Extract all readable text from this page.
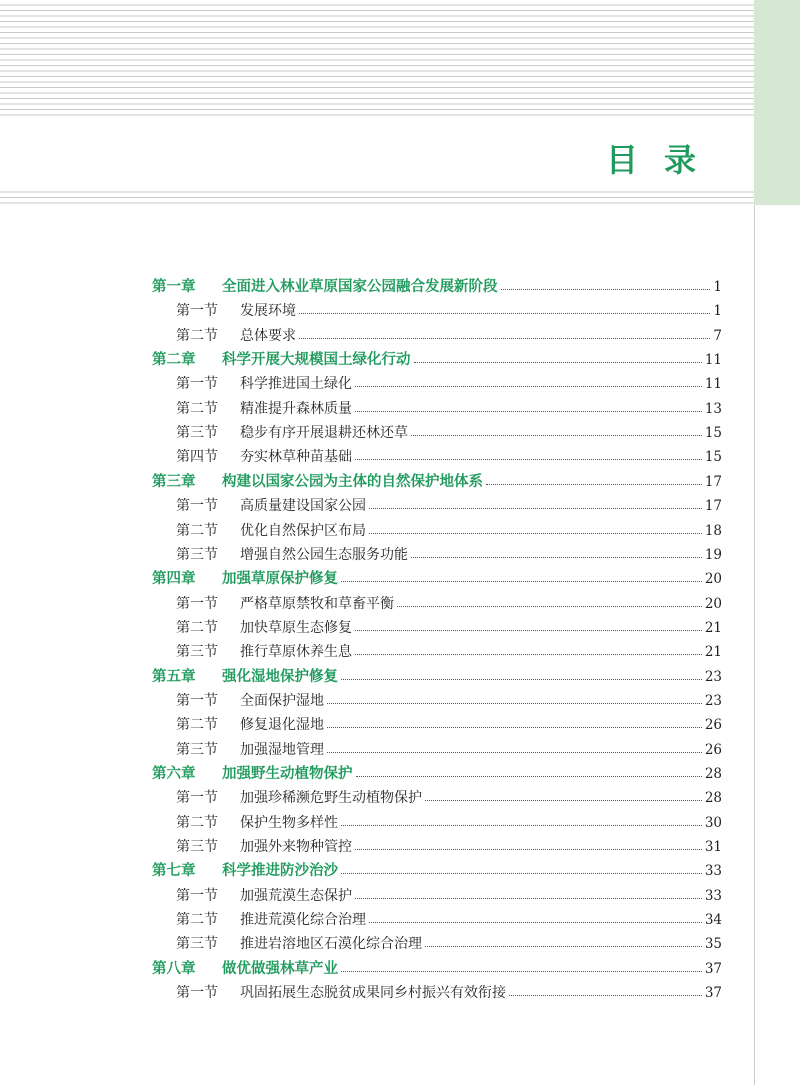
目录
第一章	全面进入林业草原国家公园融合发展新阶段	1
第一节	发展环境	1
第二节	总体要求	7
第二章	科学开展大规模国土绿化行动	11
第一节	科学推进国土绿化	11
第二节	精准提升森林质量	13
第三节	稳步有序开展退耕还林还草	15
第四节	夯实林草种苗基础	15
第三章	构建以国家公园为主体的自然保护地体系	17
第一节	高质量建设国家公园	17
第二节	优化自然保护区布局	18
第三节	增强自然公园生态服务功能	19
第四章	加强草原保护修复	20
第一节	严格草原禁牧和草畜平衡	20
第二节	加快草原生态修复	21
第三节	推行草原休养生息	21
第五章	强化湿地保护修复	23
第一节	全面保护湿地	23
第二节	修复退化湿地	26
第三节	加强湿地管理	26
第六章	加强野生动植物保护	28
第一节	加强珍稀濒危野生动植物保护	28
第二节	保护生物多样性	30
第三节	加强外来物种管控	31
第七章	科学推进防沙治沙	33
第一节	加强荒漠生态保护	33
第二节	推进荒漠化综合治理	34
第三节	推进岩溶地区石漠化综合治理	35
第八章	做优做强林草产业	37
第一节	巩固拓展生态脱贫成果同乡村振兴有效衔接	37
